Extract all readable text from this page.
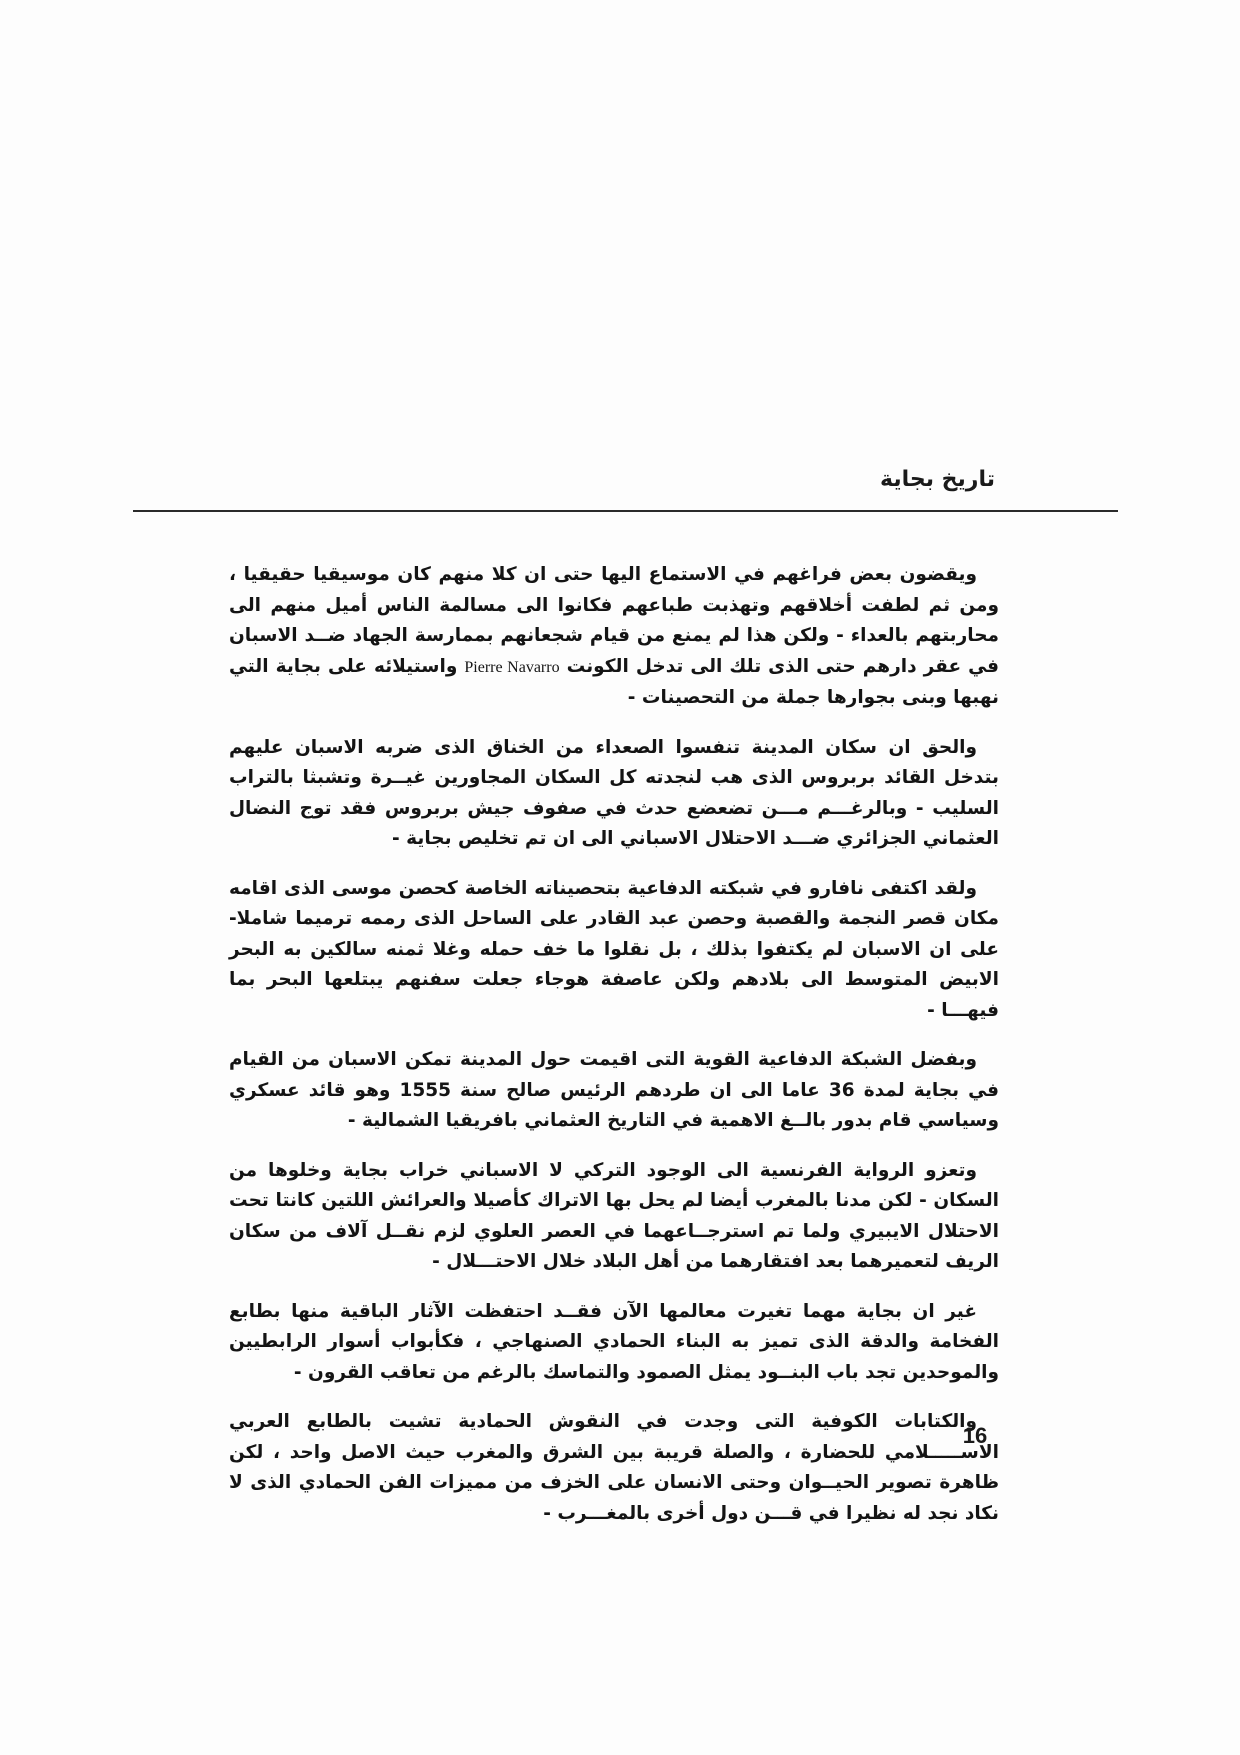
تاريخ بجاية

ويقضون بعض فراغهم في الاستماع اليها حتى ان كلا منهم كان موسيقيا حقيقيا ، ومن ثم لطفت أخلاقهم وتهذبت طباعهم فكانوا الى مسالمة الناس أميل منهم الى محاربتهم بالعداء - ولكن هذا لم يمنع من قيام شجعانهم بممارسة الجهاد ضــد الاسبان في عقر دارهم حتى الذى تلك الى تدخل الكونت Pierre Navarro واستيلائه على بجاية التي نهبها وبنى بجوارها جملة من التحصينات -

والحق ان سكان المدينة تنفسوا الصعداء من الخناق الذى ضربه الاسبان عليهم بتدخل القائد بربروس الذى هب لنجدته كل السكان المجاورين غيــرة وتشبثا بالتراب السليب - وبالرغـــم مـــن تضعضع حدث في صفوف جيش بربروس فقد توج النضال العثماني الجزائري ضـــد الاحتلال الاسباني الى ان تم تخليص بجاية -

ولقد اكتفى نافارو في شبكته الدفاعية بتحصيناته الخاصة كحصن موسى الذى اقامه مكان قصر النجمة والقصبة وحصن عبد القادر على الساحل الذى رممه ترميما شاملا- على ان الاسبان لم يكتفوا بذلك ، بل نقلوا ما خف حمله وغلا ثمنه سالكين به البحر الابيض المتوسط الى بلادهم ولكن عاصفة هوجاء جعلت سفنهم يبتلعها البحر بما فيهـــا -

وبفضل الشبكة الدفاعية القوية التى اقيمت حول المدينة تمكن الاسبان من القيام في بجاية لمدة 36 عاما الى ان طردهم الرئيس صالح سنة 1555 وهو قائد عسكري وسياسي قام بدور بالــغ الاهمية في التاريخ العثماني بافريقيا الشمالية -

وتعزو الرواية الفرنسية الى الوجود التركي لا الاسباني خراب بجاية وخلوها من السكان - لكن مدنا بالمغرب أيضا لم يحل بها الاتراك كأصيلا والعرائش اللتين كانتا تحت الاحتلال الايبيري ولما تم استرجــاعهما في العصر العلوي لزم نقــل آلاف من سكان الريف لتعميرهما بعد افتقارهما من أهل البلاد خلال الاحتـــلال -

غير ان بجاية مهما تغيرت معالمها الآن فقــد احتفظت الآثار الباقية منها بطابع الفخامة والدقة الذى تميز به البناء الحمادي الصنهاجي ، فكأبواب أسوار الرابطيين والموحدين تجد باب البنــود يمثل الصمود والتماسك بالرغم من تعاقب القرون -

والكتابات الكوفية التى وجدت في النقوش الحمادية تشيت بالطابع العربي الاســـــلامي للحضارة ، والصلة قريبة بين الشرق والمغرب حيث الاصل واحد ، لكن ظاهرة تصوير الحيــوان وحتى الانسان على الخزف من مميزات الفن الحمادي الذى لا نكاد نجد له نظيرا في قـــن دول أخرى بالمغـــرب -

16
